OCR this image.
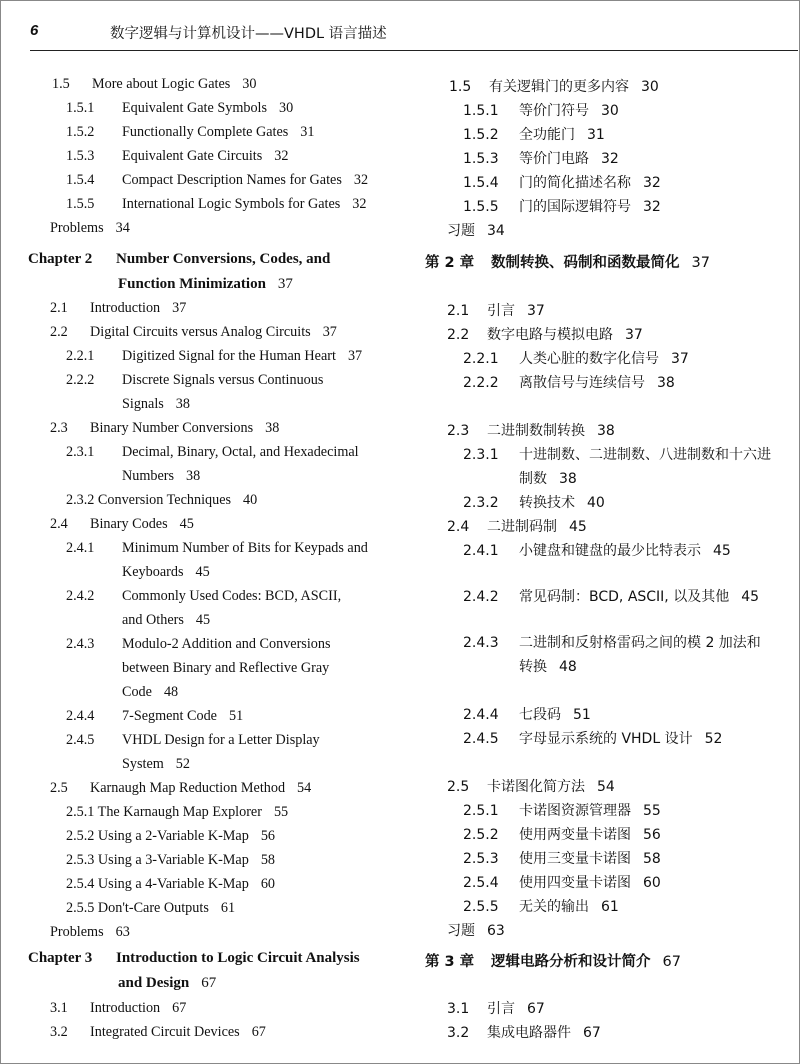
6	数字逻辑与计算机设计——VHDL 语言描述
1.5 More about Logic Gates 30
1.5.1 Equivalent Gate Symbols 30
1.5.2 Functionally Complete Gates 31
1.5.3 Equivalent Gate Circuits 32
1.5.4 Compact Description Names for Gates 32
1.5.5 International Logic Symbols for Gates 32
Problems 34
Chapter 2 Number Conversions, Codes, and
Function Minimization 37
2.1 Introduction 37
2.2 Digital Circuits versus Analog Circuits 37
2.2.1 Digitized Signal for the Human Heart 37
2.2.2 Discrete Signals versus Continuous
Signals 38
2.3 Binary Number Conversions 38
2.3.1 Decimal, Binary, Octal, and Hexadecimal
Numbers 38
2.3.2 Conversion Techniques 40
2.4 Binary Codes 45
2.4.1 Minimum Number of Bits for Keypads and
Keyboards 45
2.4.2 Commonly Used Codes: BCD, ASCII,
and Others 45
2.4.3 Modulo-2 Addition and Conversions
between Binary and Reflective Gray
Code 48
2.4.4 7-Segment Code 51
2.4.5 VHDL Design for a Letter Display
System 52
2.5 Karnaugh Map Reduction Method 54
2.5.1 The Karnaugh Map Explorer 55
2.5.2 Using a 2-Variable K-Map 56
2.5.3 Using a 3-Variable K-Map 58
2.5.4 Using a 4-Variable K-Map 60
2.5.5 Don't-Care Outputs 61
Problems 63
Chapter 3 Introduction to Logic Circuit Analysis
and Design 67
3.1 Introduction 67
3.2 Integrated Circuit Devices 67
1.5 有关逻辑门的更多内容 30
1.5.1 等价门符号 30
1.5.2 全功能门 31
1.5.3 等价门电路 32
1.5.4 门的简化描述名称 32
1.5.5 门的国际逻辑符号 32
习题 34
第 2 章 数制转换、码制和函数最简化 37
2.1 引言 37
2.2 数字电路与模拟电路 37
2.2.1 人类心脏的数字化信号 37
2.2.2 离散信号与连续信号 38
2.3 二进制数制转换 38
2.3.1 十进制数、二进制数、八进制数和十六进
制数 38
2.3.2 转换技术 40
2.4 二进制码制 45
2.4.1 小键盘和键盘的最少比特表示 45
2.4.2 常见码制：BCD, ASCII, 以及其他 45
2.4.3 二进制和反射格雷码之间的模 2 加法和
转换 48
2.4.4 七段码 51
2.4.5 字母显示系统的 VHDL 设计 52
2.5 卡诺图化简方法 54
2.5.1 卡诺图资源管理器 55
2.5.2 使用两变量卡诺图 56
2.5.3 使用三变量卡诺图 58
2.5.4 使用四变量卡诺图 60
2.5.5 无关的输出 61
习题 63
第 3 章 逻辑电路分析和设计简介 67
3.1 引言 67
3.2 集成电路器件 67
